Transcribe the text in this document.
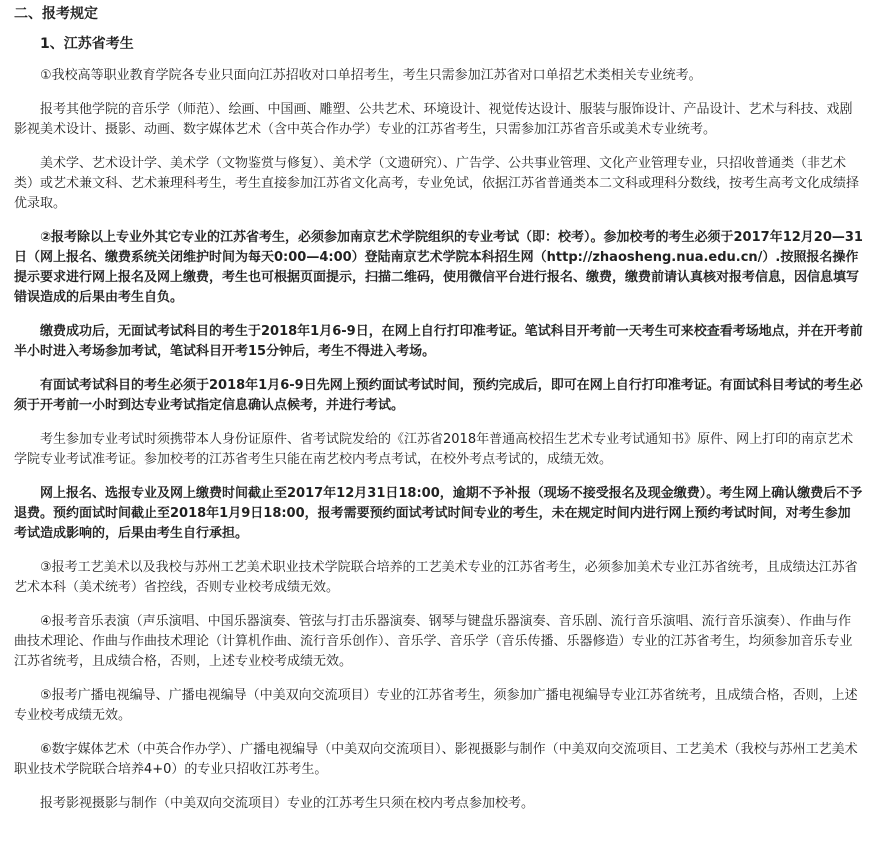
二、报考规定
1、江苏省考生

①我校高等职业教育学院各专业只面向江苏招收对口单招考生，考生只需参加江苏省对口单招艺术类相关专业统考。

报考其他学院的音乐学（师范）、绘画、中国画、雕塑、公共艺术、环境设计、视觉传达设计、服装与服饰设计、产品设计、艺术与科技、戏剧影视美术设计、摄影、动画、数字媒体艺术（含中英合作办学）专业的江苏省考生，只需参加江苏省音乐或美术专业统考。

美术学、艺术设计学、美术学（文物鉴赏与修复）、美术学（文遗研究）、广告学、公共事业管理、文化产业管理专业，只招收普通类（非艺术类）或艺术兼文科、艺术兼理科考生，考生直接参加江苏省文化高考，专业免试，依据江苏省普通类本二文科或理科分数线，按考生高考文化成绩择优录取。

②报考除以上专业外其它专业的江苏省考生，必须参加南京艺术学院组织的专业考试（即：校考）。参加校考的考生必须于2017年12月20—31日（网上报名、缴费系统关闭维护时间为每天0:00—4:00）登陆南京艺术学院本科招生网（http://zhaosheng.nua.edu.cn/）.按照报名操作提示要求进行网上报名及网上缴费，考生也可根据页面提示，扫描二维码，使用微信平台进行报名、缴费，缴费前请认真核对报考信息，因信息填写错误造成的后果由考生自负。

缴费成功后，无面试考试科目的考生于2018年1月6-9日，在网上自行打印准考证。笔试科目开考前一天考生可来校查看考场地点，并在开考前半小时进入考场参加考试，笔试科目开考15分钟后，考生不得进入考场。

有面试考试科目的考生必须于2018年1月6-9日先网上预约面试考试时间，预约完成后，即可在网上自行打印准考证。有面试科目考试的考生必须于开考前一小时到达专业考试指定信息确认点候考，并进行考试。

考生参加专业考试时须携带本人身份证原件、省考试院发给的《江苏省2018年普通高校招生艺术专业考试通知书》原件、网上打印的南京艺术学院专业考试准考证。参加校考的江苏省考生只能在南艺校内考点考试，在校外考点考试的，成绩无效。

网上报名、选报专业及网上缴费时间截止至2017年12月31日18:00，逾期不予补报（现场不接受报名及现金缴费）。考生网上确认缴费后不予退费。预约面试时间截止至2018年1月9日18:00，报考需要预约面试考试时间专业的考生，未在规定时间内进行网上预约考试时间，对考生参加考试造成影响的，后果由考生自行承担。

③报考工艺美术以及我校与苏州工艺美术职业技术学院联合培养的工艺美术专业的江苏省考生，必须参加美术专业江苏省统考，且成绩达江苏省艺术本科（美术统考）省控线，否则专业校考成绩无效。

④报考音乐表演（声乐演唱、中国乐器演奏、管弦与打击乐器演奏、钢琴与键盘乐器演奏、音乐剧、流行音乐演唱、流行音乐演奏）、作曲与作曲技术理论、作曲与作曲技术理论（计算机作曲、流行音乐创作）、音乐学、音乐学（音乐传播、乐器修造）专业的江苏省考生，均须参加音乐专业江苏省统考，且成绩合格，否则，上述专业校考成绩无效。

⑤报考广播电视编导、广播电视编导（中美双向交流项目）专业的江苏省考生，须参加广播电视编导专业江苏省统考，且成绩合格，否则，上述专业校考成绩无效。

⑥数字媒体艺术（中英合作办学）、广播电视编导（中美双向交流项目）、影视摄影与制作（中美双向交流项目、工艺美术（我校与苏州工艺美术职业技术学院联合培养4+0）的专业只招收江苏考生。

报考影视摄影与制作（中美双向交流项目）专业的江苏考生只须在校内考点参加校考。
